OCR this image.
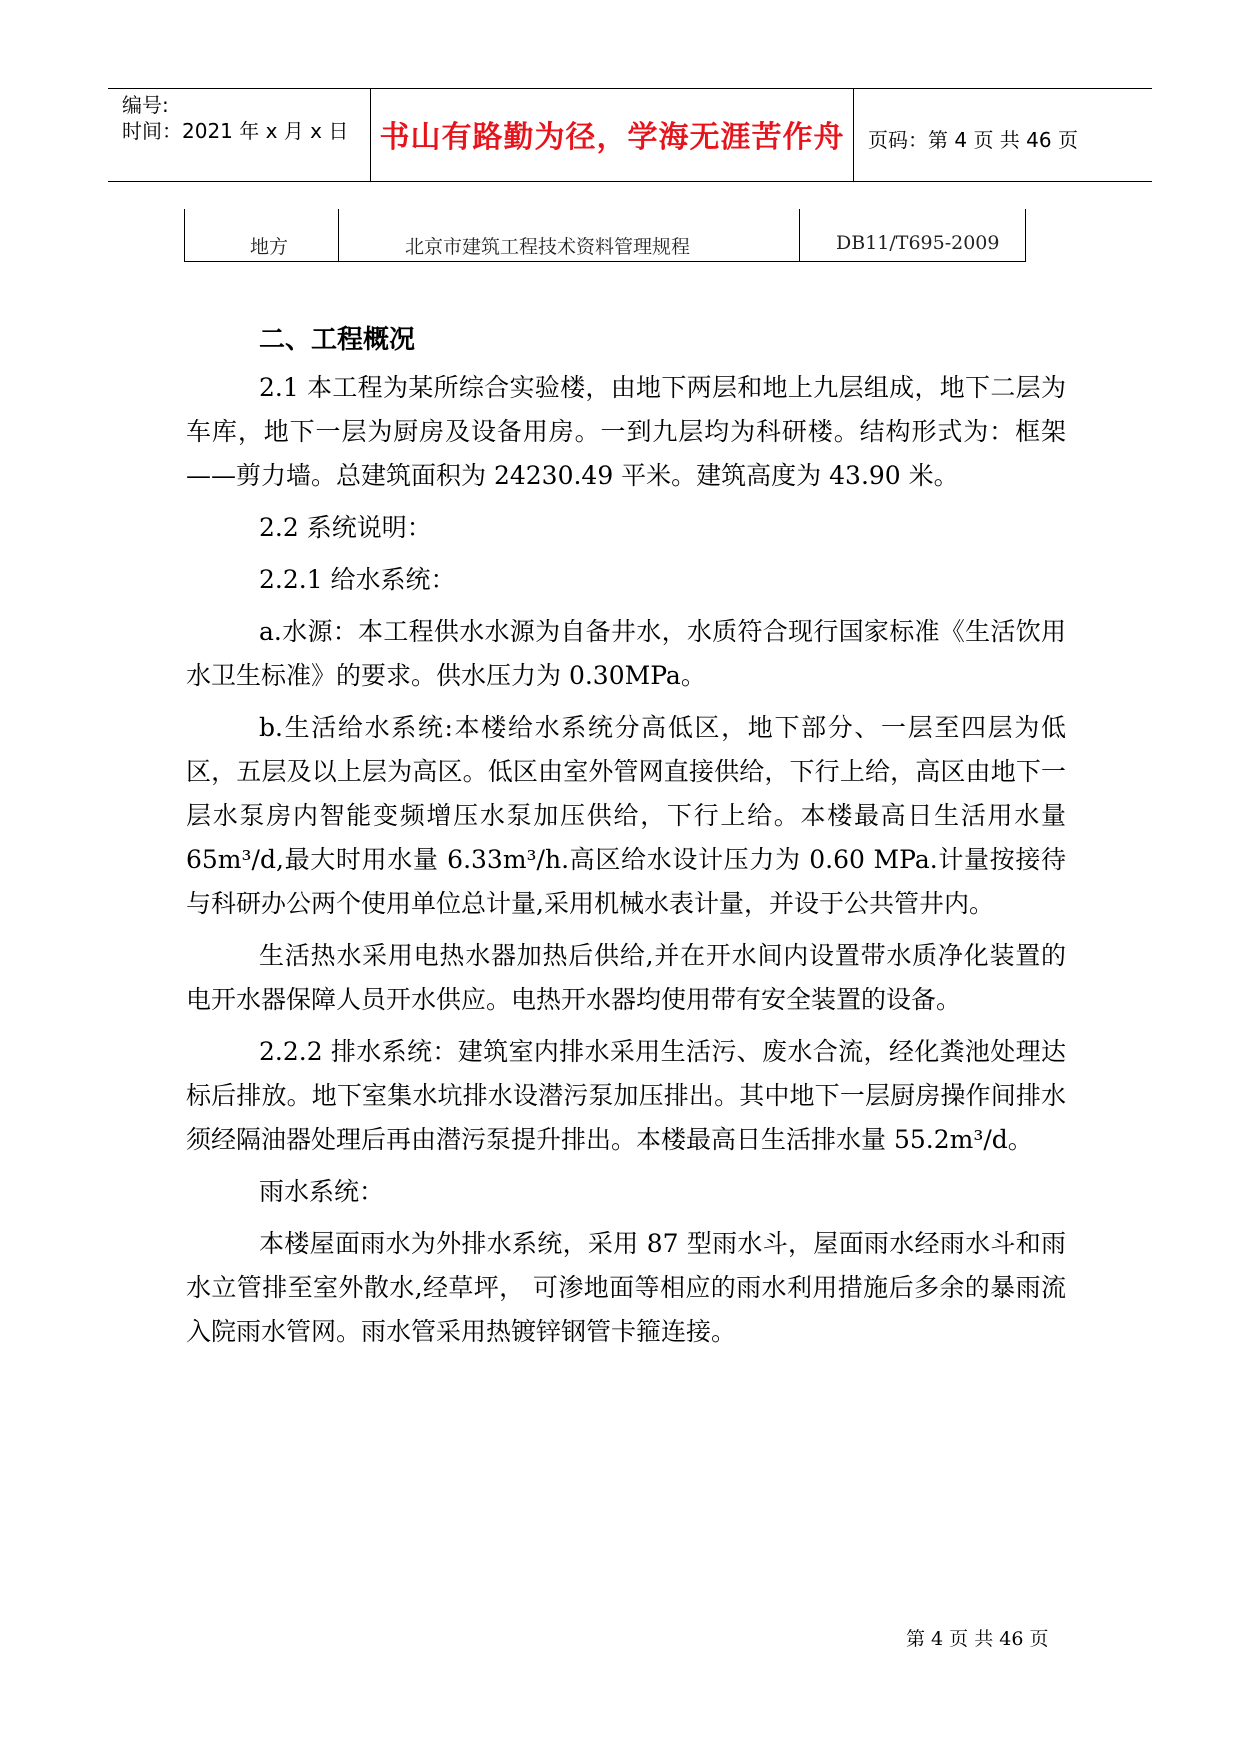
编号:
时间：2021 年 x 月 x 日 书山有路勤为径，学海无涯苦作舟	页码：第 4 页 共 46 页
地方	北京市建筑工程技术资料管理规程	DB11/T695-2009
二、工程概况

2.1 本工程为某所综合实验楼，由地下两层和地上九层组成，地下二层为车库，地下一层为厨房及设备用房。一到九层均为科研楼。结构形式为：框架——剪力墙。总建筑面积为 24230.49 平米。建筑高度为 43.90 米。

2.2 系统说明：

2.2.1 给水系统：

a.水源：本工程供水水源为自备井水，水质符合现行国家标准《生活饮用水卫生标准》的要求。供水压力为 0.30MPa。

b.生活给水系统:本楼给水系统分高低区，地下部分、一层至四层为低区，五层及以上层为高区。低区由室外管网直接供给，下行上给，高区由地下一层水泵房内智能变频增压水泵加压供给，下行上给。本楼最高日生活用水量 65m³/d,最大时用水量 6.33m³/h.高区给水设计压力为 0.60 MPa.计量按接待与科研办公两个使用单位总计量,采用机械水表计量，并设于公共管井内。

生活热水采用电热水器加热后供给,并在开水间内设置带水质净化装置的电开水器保障人员开水供应。电热开水器均使用带有安全装置的设备。

2.2.2 排水系统：建筑室内排水采用生活污、废水合流，经化粪池处理达标后排放。地下室集水坑排水设潜污泵加压排出。其中地下一层厨房操作间排水须经隔油器处理后再由潜污泵提升排出。本楼最高日生活排水量 55.2m³/d。

雨水系统：

本楼屋面雨水为外排水系统，采用 87 型雨水斗，屋面雨水经雨水斗和雨水立管排至室外散水,经草坪， 可渗地面等相应的雨水利用措施后多余的暴雨流入院雨水管网。雨水管采用热镀锌钢管卡箍连接。

第 4 页 共 46 页
